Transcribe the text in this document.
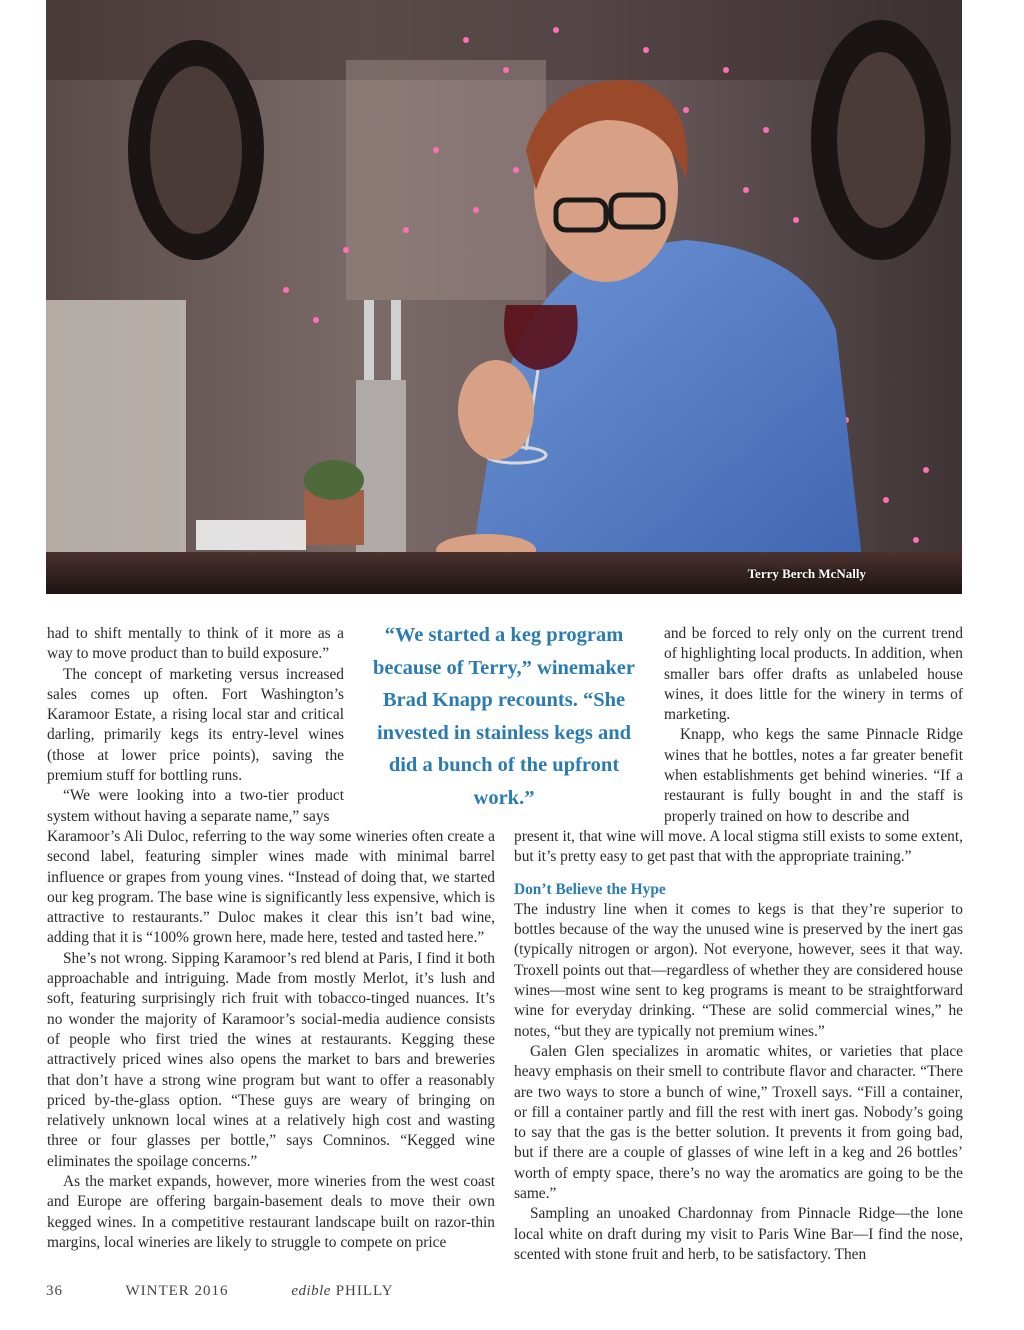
Terry Berch McNally
“We started a keg program because of Terry,” winemaker Brad Knapp recounts. “She invested in stainless kegs and did a bunch of the upfront work.”

had to shift mentally to think of it more as a way to move product than to build exposure.”

The concept of marketing versus increased sales comes up often. Fort Washington’s Karamoor Estate, a rising local star and critical darling, primarily kegs its entry-level wines (those at lower price points), saving the premium stuff for bottling runs.

“We were looking into a two-tier product system without having a separate name,” says

Karamoor’s Ali Duloc, referring to the way some wineries often create a second label, featuring simpler wines made with minimal barrel influence or grapes from young vines. “Instead of doing that, we started our keg program. The base wine is significantly less expensive, which is attractive to restaurants.” Duloc makes it clear this isn’t bad wine, adding that it is “100% grown here, made here, tested and tasted here.”

She’s not wrong. Sipping Karamoor’s red blend at Paris, I find it both approachable and intriguing. Made from mostly Merlot, it’s lush and soft, featuring surprisingly rich fruit with tobacco-tinged nuances. It’s no wonder the majority of Karamoor’s social-media audience consists of people who first tried the wines at restaurants. Kegging these attractively priced wines also opens the market to bars and breweries that don’t have a strong wine program but want to offer a reasonably priced by-the-glass option. “These guys are weary of bringing on relatively unknown local wines at a relatively high cost and wasting three or four glasses per bottle,” says Comninos. “Kegged wine eliminates the spoilage concerns.”

As the market expands, however, more wineries from the west coast and Europe are offering bargain-basement deals to move their own kegged wines. In a competitive restaurant landscape built on razor-thin margins, local wineries are likely to struggle to compete on price

and be forced to rely only on the current trend of highlighting local products. In addition, when smaller bars offer drafts as unlabeled house wines, it does little for the winery in terms of marketing.

Knapp, who kegs the same Pinnacle Ridge wines that he bottles, notes a far greater benefit when establishments get behind wineries. “If a restaurant is fully bought in and the staff is properly trained on how to describe and

present it, that wine will move. A local stigma still exists to some extent, but it’s pretty easy to get past that with the appropriate training.”

Don’t Believe the Hype

The industry line when it comes to kegs is that they’re superior to bottles because of the way the unused wine is preserved by the inert gas (typically nitrogen or argon). Not everyone, however, sees it that way. Troxell points out that—regardless of whether they are considered house wines—most wine sent to keg programs is meant to be straightforward wine for everyday drinking. “These are solid commercial wines,” he notes, “but they are typically not premium wines.”

Galen Glen specializes in aromatic whites, or varieties that place heavy emphasis on their smell to contribute flavor and character. “There are two ways to store a bunch of wine,” Troxell says. “Fill a container, or fill a container partly and fill the rest with inert gas. Nobody’s going to say that the gas is the better solution. It prevents it from going bad, but if there are a couple of glasses of wine left in a keg and 26 bottles’ worth of empty space, there’s no way the aromatics are going to be the same.”

Sampling an unoaked Chardonnay from Pinnacle Ridge—the lone local white on draft during my visit to Paris Wine Bar—I find the nose, scented with stone fruit and herb, to be satisfactory. Then

36	WINTER 2016	edible PHILLY
